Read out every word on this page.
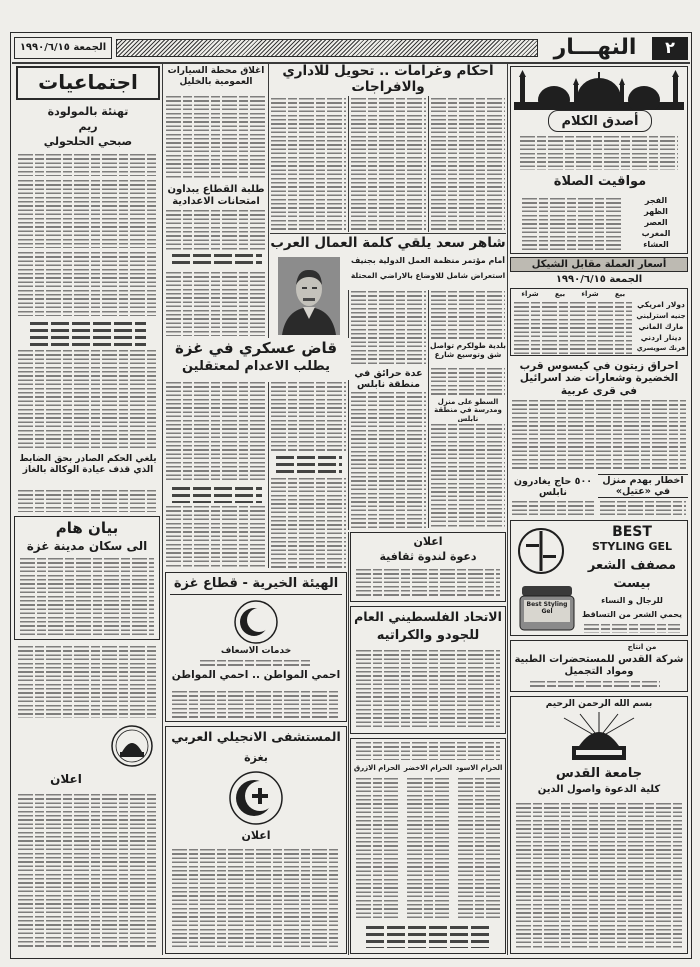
الجمعة ١٩٩٠/٦/١٥	النهـــار	٢
أصدق الكلام
مواقيت الصلاة
الفجر
الظهر
العصر
المغرب
العشاء
أسعار العملة مقابل الشيكل
الجمعة ١٩٩٠/٦/١٥
بيع
شراء
بيع
شراء
دولار امريكي
جنيه استرليني
مارك الماني
دينار اردني
فرنك سويسري
احراق زيتون في كيسوس قرب الخضيرة وشعارات ضد اسرائيل في قرى عربية
اخطار بهدم منزل في «عتيل»
٥٠٠ حاج يغادرون نابلس
BEST
STYLING GEL
مصفف الشعر
بيست
Best Styling Gel
للرجال و النساء
يحمي الشعر من التساقط
من انتاج
شركة القدس للمستحضرات الطبية ومواد التجميل
بسم الله الرحمن الرحيم
جامعة القدس
كلية الدعوة وأصول الدين
أحكام وغرامات .. تحويل للاداري والافراجات
شاهر سعد يلقي كلمة العمال العرب
أمام مؤتمر منظمة العمل الدولية بجنيف
استعراض شامل للاوضاع بالاراضي المحتلة
بلدية طولكرم تواصل شق وتوسيع شارع
السطو على منزل ومدرسة في منطقة نابلس
عدة حرائق في منطقة نابلس
اغلاق محطة السيارات العمومية بالخليل
طلبة القطاع يبدأون امتحانات الاعدادية
قاض عسكري في غزة
يطلب الاعدام لمعتقلين
اعلان
دعوة لندوة ثقافية
الاتحاد الفلسطيني العام
للجودو والكراتيه
الحزام الاسود
الحزام الاخضر
الحزام الازرق
الهيئة الخيرية - قطاع غزة
خدمات الاسعاف
احمي المواطن .. احمي المواطن
المستشفى الانجيلي العربي
بغزة
اعلان
اجتماعيات
تهنئة بالمولودة
ريم
صبحي الحلحولي
يلغي الحكم الصادر بحق الضابط الذي قذف عيادة الوكالة بالغاز
بيان هام
الى سكان مدينة غزة
اعلان
